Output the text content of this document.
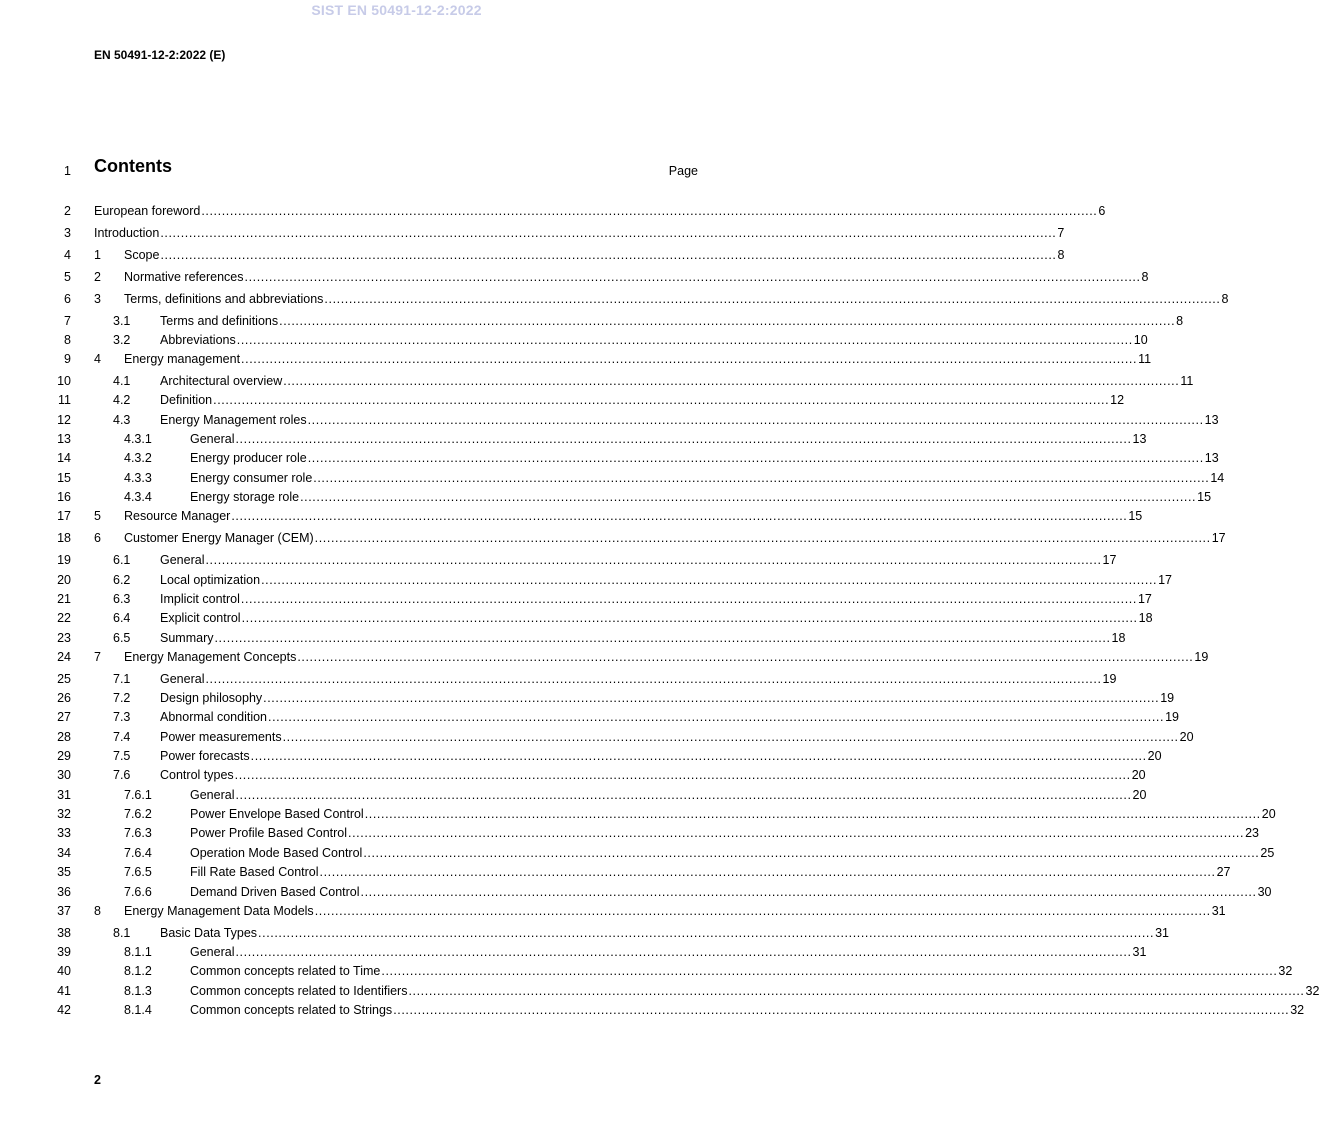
SIST EN 50491-12-2:2022
EN 50491-12-2:2022 (E)
1 Contents	Page
2 European foreword ............................................................................................................................................................................................................................ 6
3 Introduction ............................................................................................................................................................................................................................ 7
4 1	Scope ............................................................................................................................................................................................................................ 8
5 2	Normative references ............................................................................................................................................................................................................................ 8
6 3	Terms, definitions and abbreviations ............................................................................................................................................................................................................................ 8
7	3.1	Terms and definitions ............................................................................................................................................................................................................................ 8
8	3.2	Abbreviations ............................................................................................................................................................................................................................ 10
9 4	Energy management ............................................................................................................................................................................................................................ 11
10	4.1	Architectural overview ............................................................................................................................................................................................................................ 11
11	4.2	Definition ............................................................................................................................................................................................................................ 12
12	4.3	Energy Management roles ............................................................................................................................................................................................................................ 13
13	4.3.1	General ............................................................................................................................................................................................................................ 13
14	4.3.2	Energy producer role ............................................................................................................................................................................................................................ 13
15	4.3.3	Energy consumer role ............................................................................................................................................................................................................................ 14
16	4.3.4	Energy storage role ............................................................................................................................................................................................................................ 15
17 5	Resource Manager ............................................................................................................................................................................................................................ 15
18 6	Customer Energy Manager (CEM) ............................................................................................................................................................................................................................ 17
19	6.1	General ............................................................................................................................................................................................................................ 17
20	6.2	Local optimization ............................................................................................................................................................................................................................ 17
21	6.3	Implicit control ............................................................................................................................................................................................................................ 17
22	6.4	Explicit control ............................................................................................................................................................................................................................ 18
23	6.5	Summary ............................................................................................................................................................................................................................ 18
24 7	Energy Management Concepts ............................................................................................................................................................................................................................ 19
25	7.1	General ............................................................................................................................................................................................................................ 19
26	7.2	Design philosophy ............................................................................................................................................................................................................................ 19
27	7.3	Abnormal condition ............................................................................................................................................................................................................................ 19
28	7.4	Power measurements ............................................................................................................................................................................................................................ 20
29	7.5	Power forecasts ............................................................................................................................................................................................................................ 20
30	7.6	Control types ............................................................................................................................................................................................................................ 20
31	7.6.1	General ............................................................................................................................................................................................................................ 20
32	7.6.2	Power Envelope Based Control ............................................................................................................................................................................................................................ 20
33	7.6.3	Power Profile Based Control ............................................................................................................................................................................................................................ 23
34	7.6.4	Operation Mode Based Control ............................................................................................................................................................................................................................ 25
35	7.6.5	Fill Rate Based Control ............................................................................................................................................................................................................................ 27
36	7.6.6	Demand Driven Based Control ............................................................................................................................................................................................................................ 30
37 8	Energy Management Data Models ............................................................................................................................................................................................................................ 31
38	8.1	Basic Data Types ............................................................................................................................................................................................................................ 31
39	8.1.1	General ............................................................................................................................................................................................................................ 31
40	8.1.2	Common concepts related to Time ............................................................................................................................................................................................................................ 32
41	8.1.3	Common concepts related to Identifiers ............................................................................................................................................................................................................................ 32
42	8.1.4	Common concepts related to Strings ............................................................................................................................................................................................................................ 32
2
